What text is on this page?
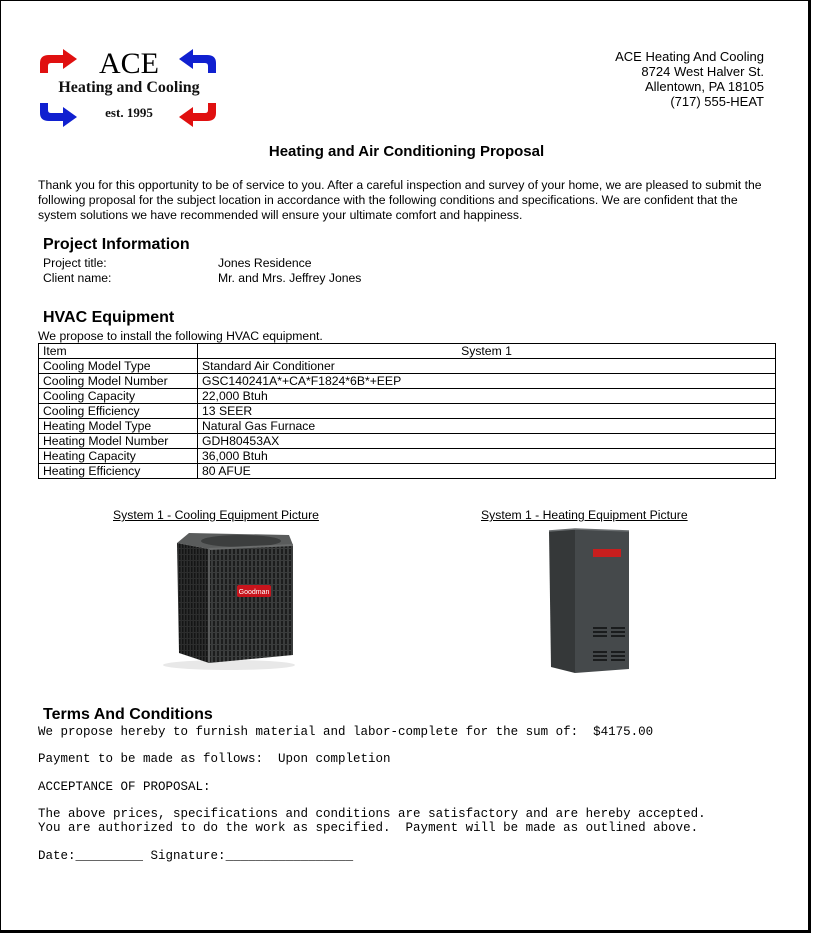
ACE
Heating and Cooling
est. 1995
ACE Heating And Cooling
8724 West Halver St.
Allentown, PA 18105
(717) 555-HEAT
Heating and Air Conditioning Proposal
Thank you for this opportunity to be of service to you. After a careful inspection and survey of your home, we are pleased to submit the following proposal for the subject location in accordance with the following conditions and specifications. We are confident that the system solutions we have recommended will ensure your ultimate comfort and happiness.
Project Information
Project title:	Jones Residence
Client name:	Mr. and Mrs. Jeffrey Jones
HVAC Equipment
We propose to install the following HVAC equipment.
Item	System 1
Cooling Model Type	Standard Air Conditioner
Cooling Model Number	GSC140241A*+CA*F1824*6B*+EEP
Cooling Capacity	22,000 Btuh
Cooling Efficiency	13 SEER
Heating Model Type	Natural Gas Furnace
Heating Model Number	GDH80453AX
Heating Capacity	36,000 Btuh
Heating Efficiency	80 AFUE
System 1 - Cooling Equipment Picture	System 1 - Heating Equipment Picture
Goodman
Terms And Conditions
We propose hereby to furnish material and labor-complete for the sum of:  $4175.00
Payment to be made as follows:  Upon completion
ACCEPTANCE OF PROPOSAL:
The above prices, specifications and conditions are satisfactory and are hereby accepted.
You are authorized to do the work as specified.  Payment will be made as outlined above.
Date:_________ Signature:_________________
